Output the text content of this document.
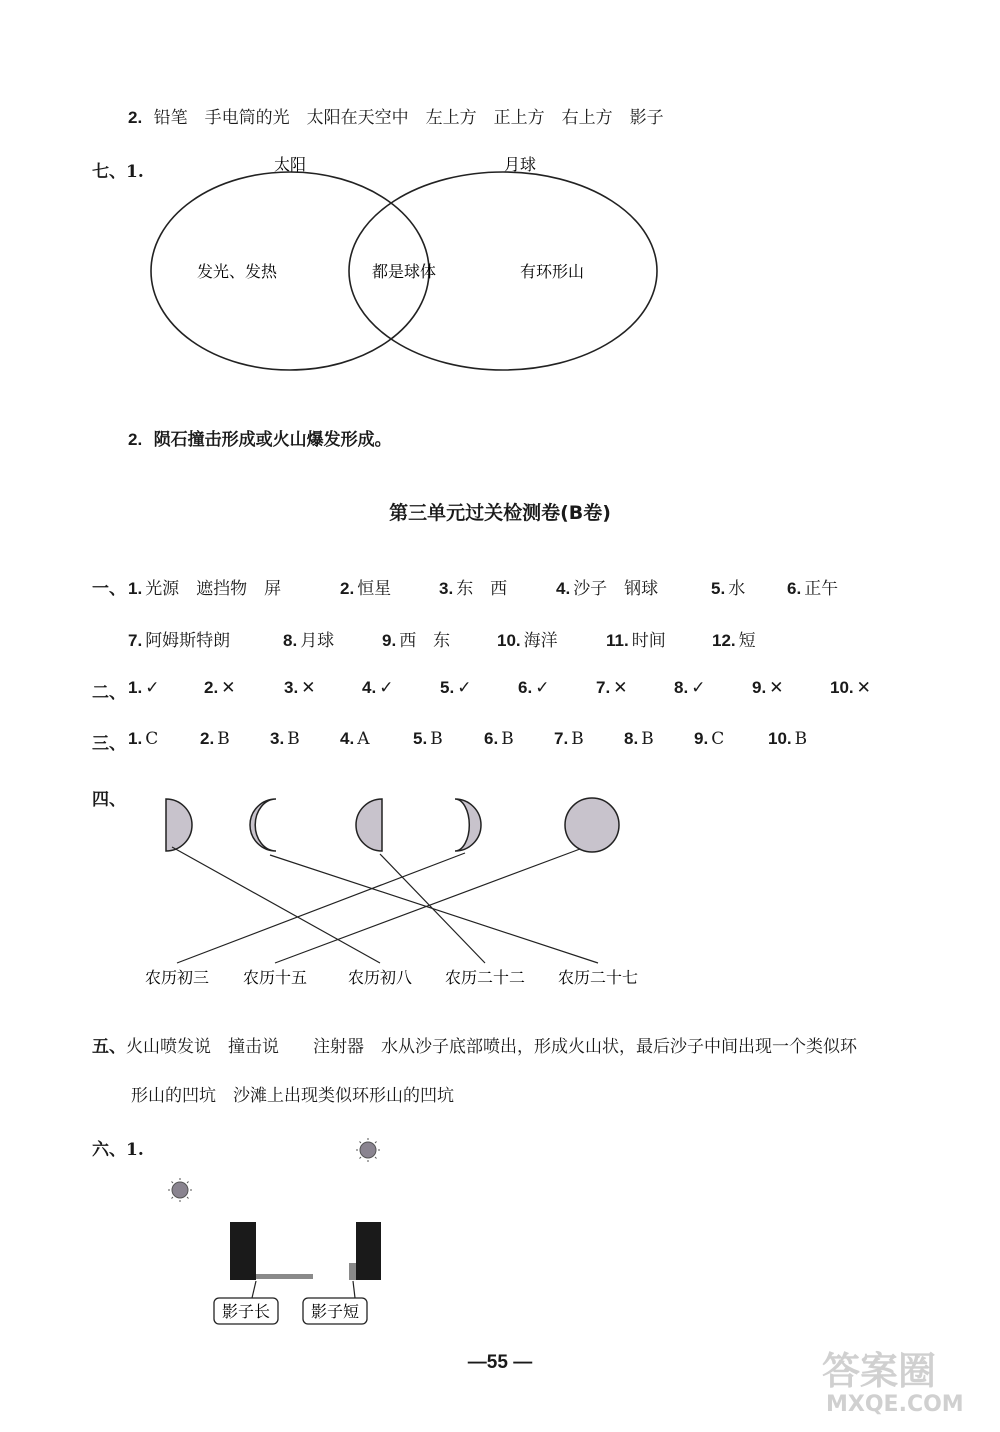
2. 铅笔　手电筒的光　太阳在天空中　左上方　正上方　右上方　影子
七、1.	太阳	月球
发光、发热	都是球体	有环形山
2. 陨石撞击形成或火山爆发形成。
第三单元过关检测卷(B卷)
一、 1. 光源　遮挡物　屏	2. 恒星	3. 东　西	4. 沙子　钢球	5. 水 6. 正午
7. 阿姆斯特朗	8. 月球	9. 西　东	10. 海洋	11. 时间	12. 短
二、 1. ✓	2. ✕	3. ✕	4. ✓	5. ✓	6. ✓	7. ✕	8. ✓	9. ✕	10. ✕
三、 1. C 2. B 3. B 4. A	5. B 6. B 7. B 8. B 9. C	10. B
四、
农历初三 农历十五	农历初八 农历二十二 农历二十七
五、火山喷发说　撞击说　　注射器　水从沙子底部喷出，形成火山状，最后沙子中间出现一个类似环
形山的凹坑　沙滩上出现类似环形山的凹坑
六、1.
影子长	影子短
—55 —	答案圈
MXQE.COM
